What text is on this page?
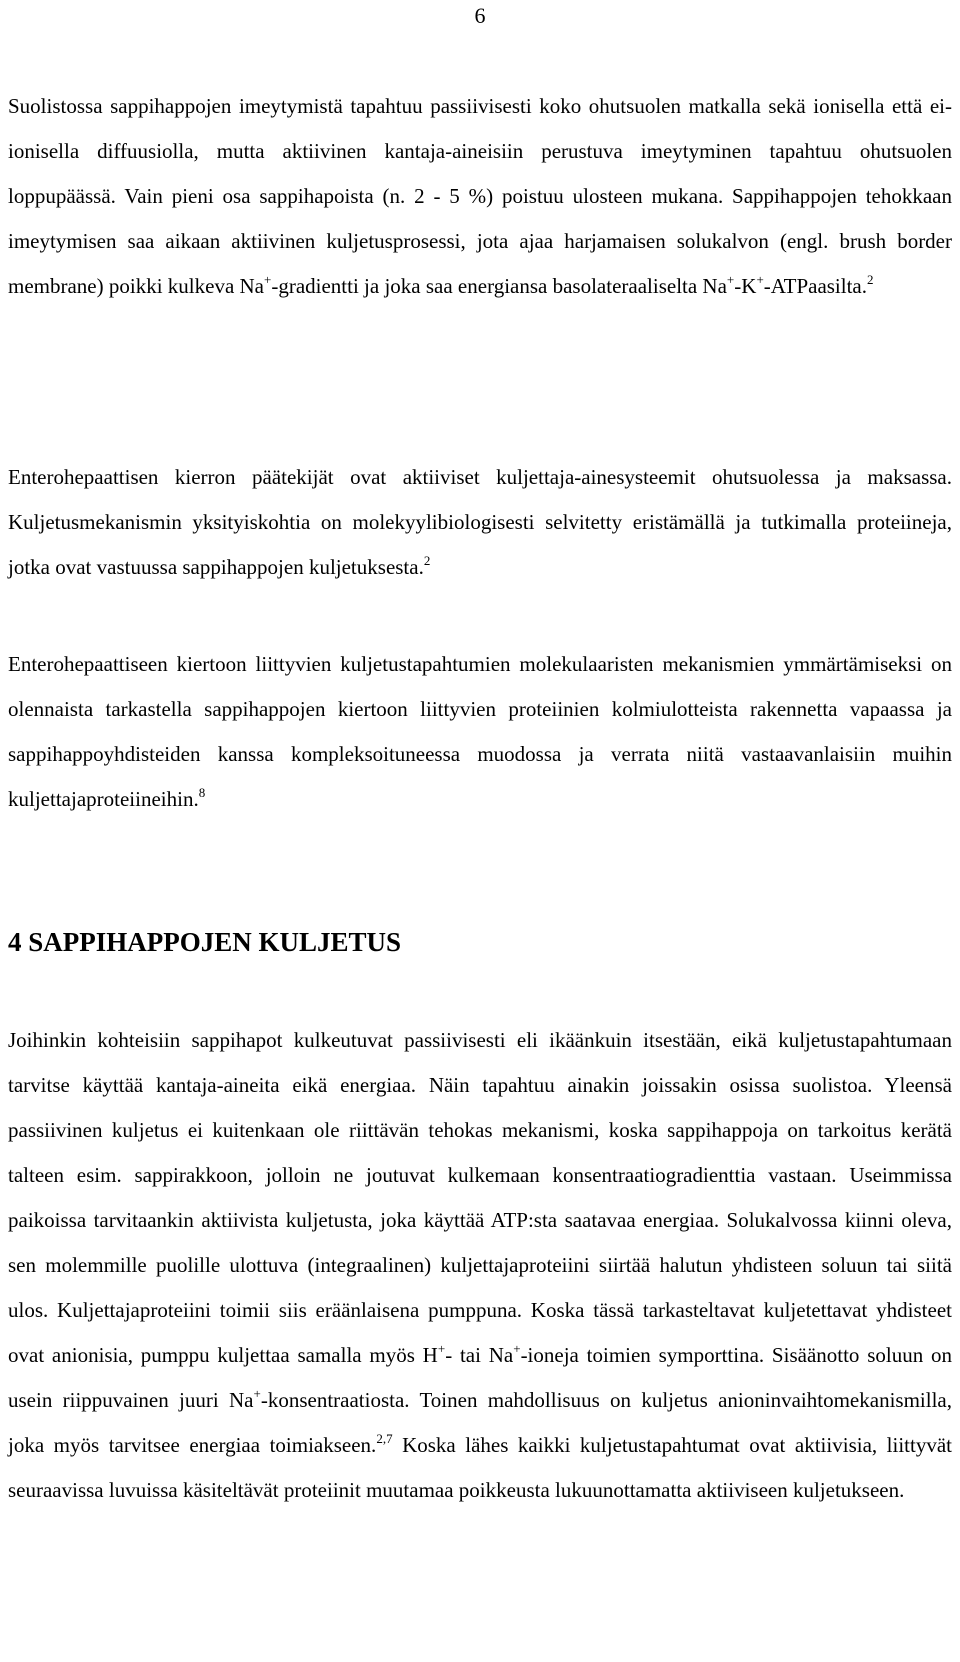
6

Suolistossa sappihappojen imeytymistä tapahtuu passiivisesti koko ohutsuolen matkalla sekä ionisella että ei-ionisella diffuusiolla, mutta aktiivinen kantaja-aineisiin perustuva imeytyminen tapahtuu ohutsuolen loppupäässä. Vain pieni osa sappihapoista (n. 2 - 5 %) poistuu ulosteen mukana. Sappihappojen tehokkaan imeytymisen saa aikaan aktiivinen kuljetusprosessi, jota ajaa harjamaisen solukalvon (engl. brush border membrane) poikki kulkeva Na+-gradientti ja joka saa energiansa basolateraaliselta Na+-K+-ATPaasilta.$^2$

Enterohepaattisen kierron päätekijät ovat aktiiviset kuljettaja-ainesysteemit ohutsuolessa ja maksassa. Kuljetusmekanismin yksityiskohtia on molekyylibiologisesti selvitetty eristämällä ja tutkimalla proteiineja, jotka ovat vastuussa sappihappojen kuljetuksesta.$^2$

Enterohepaattiseen kiertoon liittyvien kuljetustapahtumien molekulaaristen mekanismien ymmärtämiseksi on olennaista tarkastella sappihappojen kiertoon liittyvien proteiinien kolmiulotteista rakennetta vapaassa ja sappihappoyhdisteiden kanssa kompleksoituneessa muodossa ja verrata niitä vastaavanlaisiin muihin kuljettajaproteiineihin.$^8$

4 SAPPIHAPPOJEN KULJETUS

Joihinkin kohteisiin sappihapot kulkeutuvat passiivisesti eli ikäänkuin itsestään, eikä kuljetustapahtumaan tarvitse käyttää kantaja-aineita eikä energiaa. Näin tapahtuu ainakin joissakin osissa suolistoa. Yleensä passiivinen kuljetus ei kuitenkaan ole riittävän tehokas mekanismi, koska sappihappoja on tarkoitus kerätä talteen esim. sappirakkoon, jolloin ne joutuvat kulkemaan konsentraatiogradienttia vastaan. Useimmissa paikoissa tarvitaankin aktiivista kuljetusta, joka käyttää ATP:sta saatavaa energiaa. Solukalvossa kiinni oleva, sen molemmille puolille ulottuva (integraalinen) kuljettajaproteiini siirtää halutun yhdisteen soluun tai siitä ulos. Kuljettajaproteiini toimii siis eräänlaisena pumppuna. Koska tässä tarkasteltavat kuljetettavat yhdisteet ovat anionisia, pumppu kuljettaa samalla myös H+- tai Na+-ioneja toimien symporttina. Sisäänotto soluun on usein riippuvainen juuri Na+-konsentraatiosta. Toinen mahdollisuus on kuljetus anioninvaihtomekanismilla, joka myös tarvitsee energiaa toimiakseen.$^{2,7}$ Koska lähes kaikki kuljetustapahtumat ovat aktiivisia, liittyvät seuraavissa luvuissa käsiteltävät proteiinit muutamaa poikkeusta lukuunottamatta aktiiviseen kuljetukseen.
